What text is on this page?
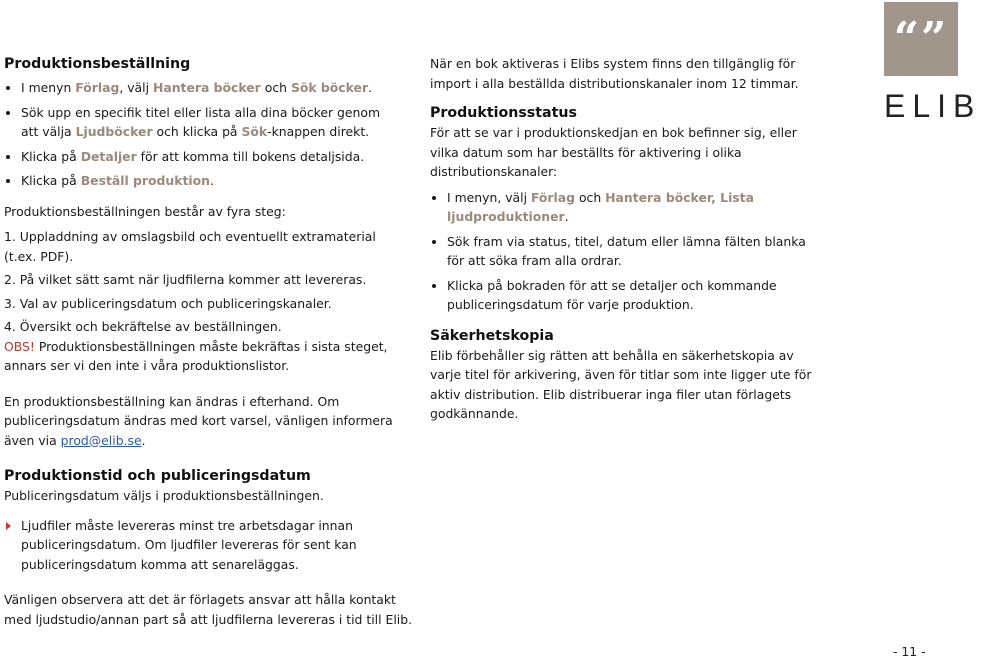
“”
ELIB
Produktionsbeställning
I menyn Förlag, välj Hantera böcker och Sök böcker.
Sök upp en specifik titel eller lista alla dina böcker genom att välja Ljudböcker och klicka på Sök-knappen direkt.
Klicka på Detaljer för att komma till bokens detaljsida.
Klicka på Beställ produktion.

Produktionsbeställningen består av fyra steg:

1. Uppladdning av omslagsbild och eventuellt extramaterial (t.ex. PDF).

2. På vilket sätt samt när ljudfilerna kommer att levereras.

3. Val av publiceringsdatum och publiceringskanaler.

4. Översikt och bekräftelse av beställningen.

OBS! Produktionsbeställningen måste bekräftas i sista steget, annars ser vi den inte i våra produktionslistor.

En produktionsbeställning kan ändras i efterhand. Om publiceringsdatum ändras med kort varsel, vänligen informera även via prod@elib.se.

När en bok aktiveras i Elibs system finns den tillgänglig för import i alla beställda distributionskanaler inom 12 timmar.

Produktionsstatus

För att se var i produktionskedjan en bok befinner sig, eller vilka datum som har beställts för aktivering i olika distributionskanaler:

I menyn, välj Förlag och Hantera böcker, Lista ljudproduktioner.
Sök fram via status, titel, datum eller lämna fälten blanka för att söka fram alla ordrar.
Klicka på bokraden för att se detaljer och kommande publiceringsdatum för varje produktion.
Säkerhetskopia

Elib förbehåller sig rätten att behålla en säkerhetskopia av varje titel för arkivering, även för titlar som inte ligger ute för aktiv distribution. Elib distribuerar inga filer utan förlagets godkännande.

Produktionstid och publiceringsdatum

Publiceringsdatum väljs i produktionsbeställningen.

Ljudfiler måste levereras minst tre arbetsdagar innan publiceringsdatum. Om ljudfiler levereras för sent kan publiceringsdatum komma att senareläggas.

Vänligen observera att det är förlagets ansvar att hålla kontakt med ljudstudio/annan part så att ljudfilerna levereras i tid till Elib.

- 11 -
